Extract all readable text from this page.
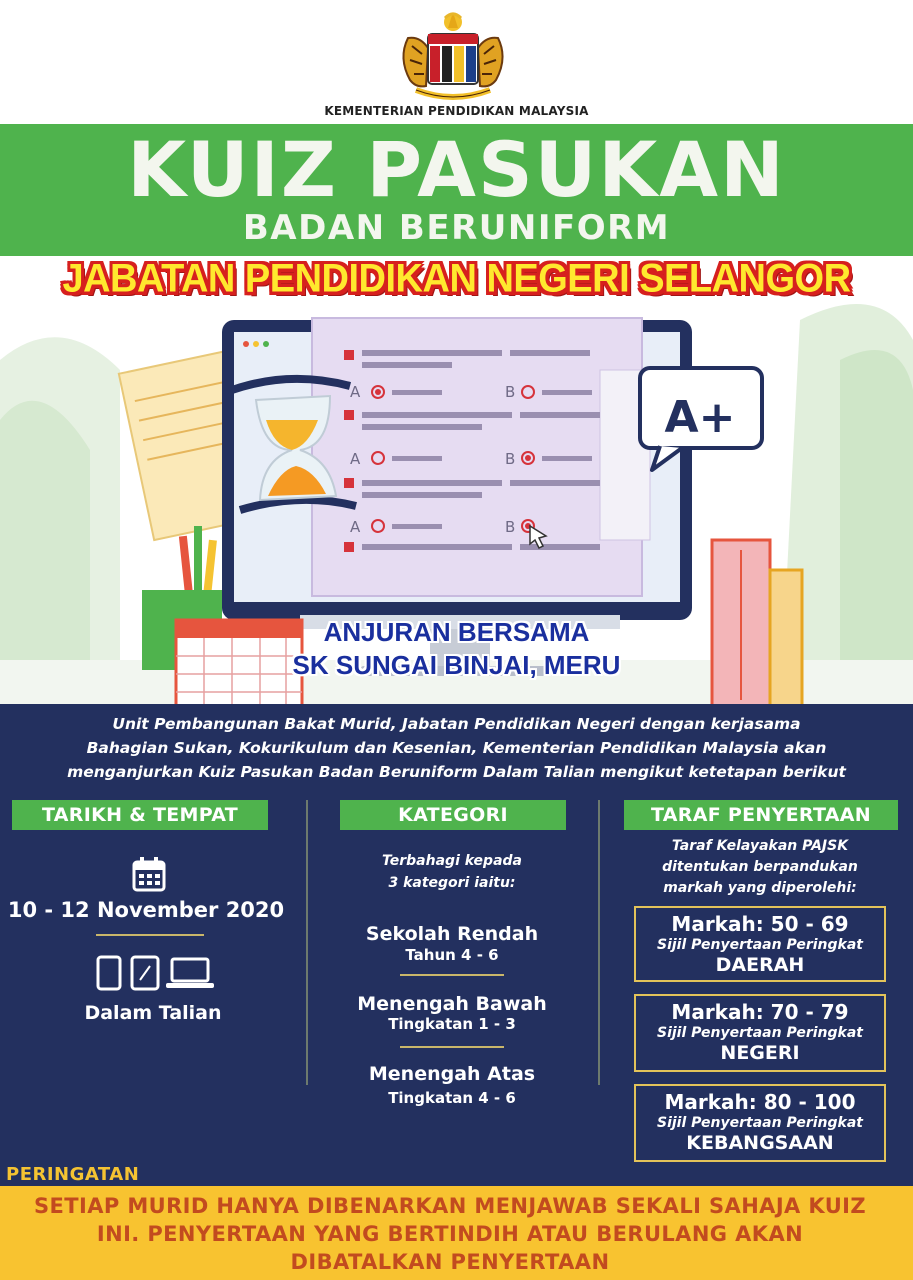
KEMENTERIAN PENDIDIKAN MALAYSIA
KUIZ PASUKAN
BADAN BERUNIFORM
A	B
A	B
A	B
A+
JABATAN PENDIDIKAN NEGERI SELANGOR
ANJURAN BERSAMA
SK SUNGAI BINJAI, MERU
Unit Pembangunan Bakat Murid, Jabatan Pendidikan Negeri dengan kerjasama
Bahagian Sukan, Kokurikulum dan Kesenian, Kementerian Pendidikan Malaysia akan
menganjurkan Kuiz Pasukan Badan Beruniform Dalam Talian mengikut ketetapan berikut
TARIKH & TEMPAT	KATEGORI	TARAF PENYERTAAN
10 - 12 November 2020
Dalam Talian
Terbahagi kepada
3 kategori iaitu:
Sekolah Rendah
Tahun 4 - 6
Menengah Bawah
Tingkatan 1 - 3
Menengah Atas
Tingkatan 4 - 6
Taraf Kelayakan PAJSK
ditentukan berpandukan
markah yang diperolehi:
Markah: 50 - 69
Sijil Penyertaan Peringkat
DAERAH
Markah: 70 - 79
Sijil Penyertaan Peringkat
NEGERI
Markah: 80 - 100
Sijil Penyertaan Peringkat
KEBANGSAAN
PERINGATAN
SETIAP MURID HANYA DIBENARKAN MENJAWAB SEKALI SAHAJA KUIZ
INI. PENYERTAAN YANG BERTINDIH ATAU BERULANG AKAN
DIBATALKAN PENYERTAAN
